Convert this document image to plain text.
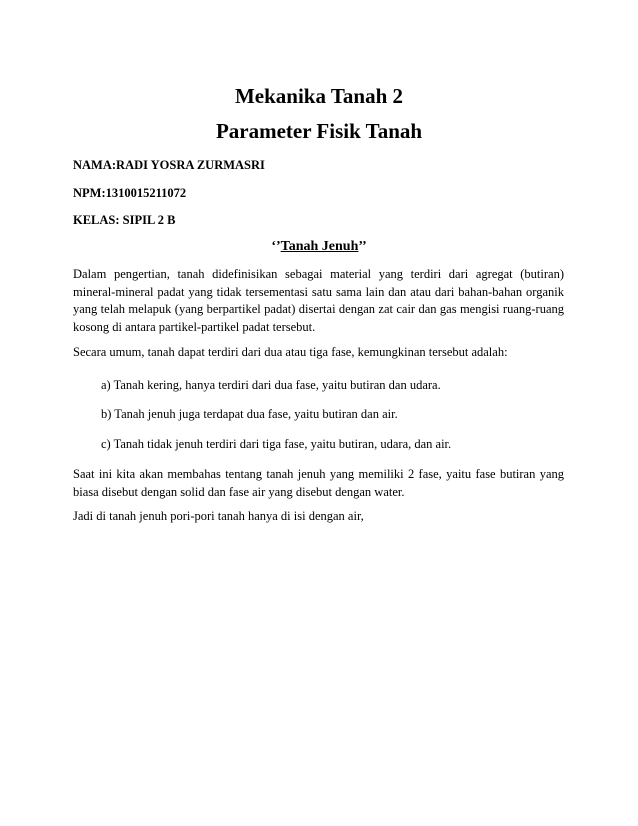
Mekanika Tanah 2
Parameter Fisik Tanah
NAMA:RADI YOSRA ZURMASRI
NPM:1310015211072
KELAS: SIPIL 2 B
‘’Tanah Jenuh’’
Dalam pengertian, tanah didefinisikan sebagai material yang terdiri dari agregat (butiran) mineral-mineral padat yang tidak tersementasi satu sama lain dan atau dari bahan-bahan organik yang telah melapuk (yang berpartikel padat) disertai dengan zat cair dan gas mengisi ruang-ruang kosong di antara partikel-partikel padat tersebut.
Secara umum, tanah dapat terdiri dari dua atau tiga fase, kemungkinan tersebut adalah:
a) Tanah kering, hanya terdiri dari dua fase, yaitu butiran dan udara.
b) Tanah jenuh juga terdapat dua fase, yaitu butiran dan air.
c) Tanah tidak jenuh terdiri dari tiga fase, yaitu butiran, udara, dan air.
Saat ini kita akan membahas tentang tanah jenuh yang memiliki 2 fase, yaitu fase butiran yang biasa disebut dengan solid dan fase air yang disebut dengan water.
Jadi di tanah jenuh pori-pori tanah hanya di isi dengan air,
